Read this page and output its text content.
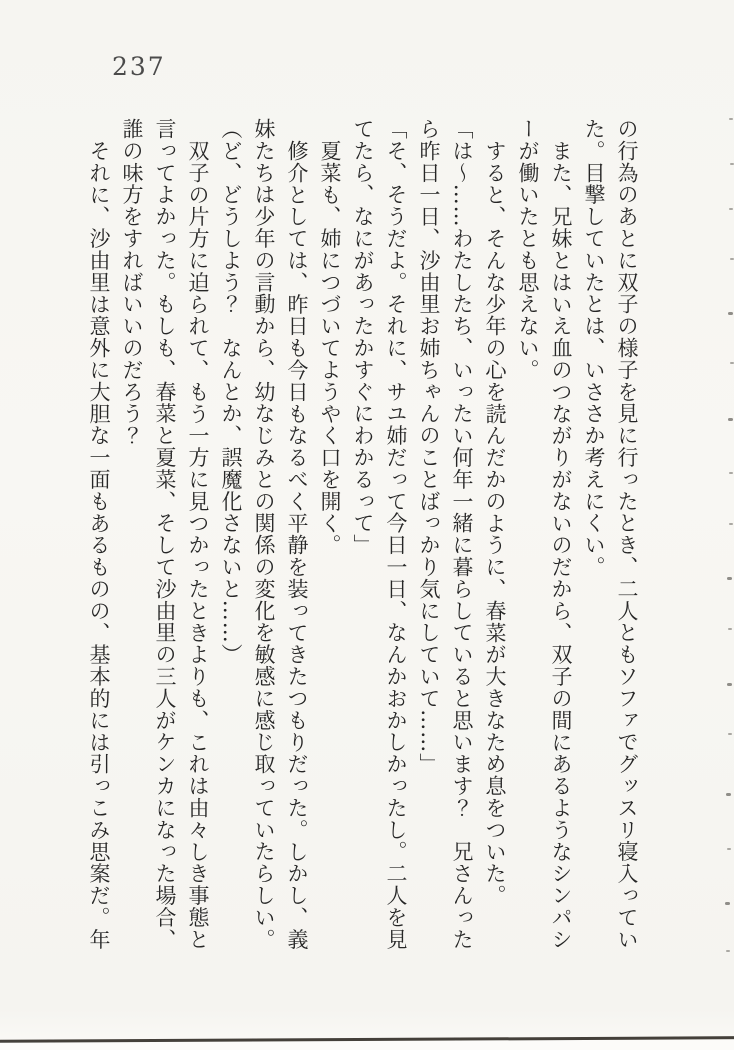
237
の行為のあとに双子の様子を見に行ったとき、二人ともソファでグッスリ寝入ってい
た。目撃していたとは、いささか考えにくい。
また、兄妹とはいえ血のつながりがないのだから、双子の間にあるようなシンパシ
ーが働いたとも思えない。
すると、そんな少年の心を読んだかのように、春菜が大きなため息をついた。
「は～……わたしたち、いったい何年一緒に暮らしていると思います？　兄さんった
ら昨日一日、沙由里お姉ちゃんのことばっかり気にしていて……」
「そ、そうだよ。それに、サユ姉だって今日一日、なんかおかしかったし。二人を見
てたら、なにがあったかすぐにわかるって」
夏菜も、姉につづいてようやく口を開く。
修介としては、昨日も今日もなるべく平静を装ってきたつもりだった。しかし、義
妹たちは少年の言動から、幼なじみとの関係の変化を敏感に感じ取っていたらしい。
（ど、どうしよう？　なんとか、誤魔化さないと……）
双子の片方に迫られて、もう一方に見つかったときよりも、これは由々しき事態と
言ってよかった。もしも、春菜と夏菜、そして沙由里の三人がケンカになった場合、
誰の味方をすればいいのだろう？
それに、沙由里は意外に大胆な一面もあるものの、基本的には引っこみ思案だ。年
